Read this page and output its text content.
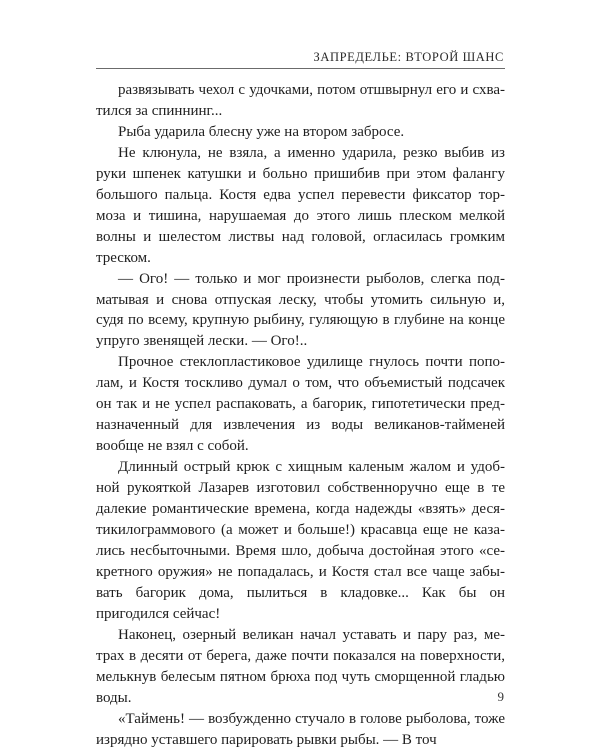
ЗАПРЕДЕЛЬЕ: ВТОРОЙ ШАНС

развязывать чехол с удочками, потом отшвырнул его и схватился за спиннинг...

Рыба ударила блесну уже на втором забросе.

Не клюнула, не взяла, а именно ударила, резко выбив из руки шпенек катушки и больно пришибив при этом фалангу большого пальца. Костя едва успел перевести фиксатор тормоза и тишина, нарушаемая до этого лишь плеском мелкой волны и шелестом листвы над головой, огласилась громким треском.

— Ого! — только и мог произнести рыболов, слегка подматывая и снова отпуская леску, чтобы утомить сильную и, судя по всему, крупную рыбину, гуляющую в глубине на конце упруго звенящей лески. — Ого!..

Прочное стеклопластиковое удилище гнулось почти пополам, и Костя тоскливо думал о том, что объемистый подсачек он так и не успел распаковать, а багорик, гипотетически предназначенный для извлечения из воды великанов-таймeней вообще не взял с собой.

Длинный острый крюк с хищным каленым жалом и удобной рукояткой Лазарев изготовил собственноручно еще в те далекие романтические времена, когда надежды «взять» десятикилограммового (а может и больше!) красавца еще не казались несбыточными. Время шло, добыча достойная этого «секретного оружия» не попадалась, и Костя стал все чаще забывать багорик дома, пылиться в кладовке... Как бы он пригодился сейчас!

Наконец, озерный великан начал уставать и пару раз, метрах в десяти от берега, даже почти показался на поверхности, мелькнув белесым пятном брюха под чуть сморщенной гладью воды.

«Таймень! — возбужденно стучало в голове рыболова, тоже изрядно уставшего парировать рывки рыбы. — В точ

9
